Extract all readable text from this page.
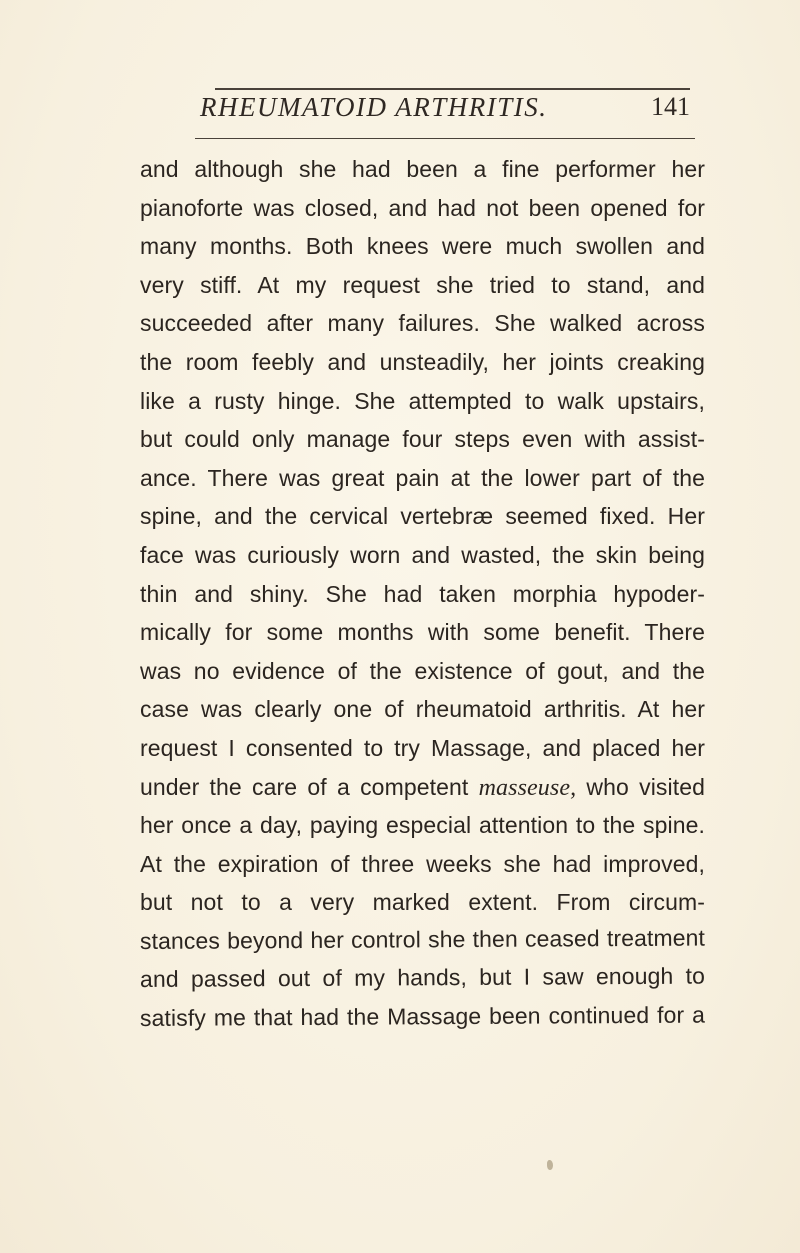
RHEUMATOID ARTHRITIS.	141
and although she had been a fine performer her
pianoforte was closed, and had not been opened for
many months. Both knees were much swollen and
very stiff. At my request she tried to stand, and
succeeded after many failures. She walked across
the room feebly and unsteadily, her joints creaking
like a rusty hinge. She attempted to walk upstairs,
but could only manage four steps even with assist-
ance. There was great pain at the lower part of the
spine, and the cervical vertebræ seemed fixed. Her
face was curiously worn and wasted, the skin being
thin and shiny. She had taken morphia hypoder-
mically for some months with some benefit. There
was no evidence of the existence of gout, and the
case was clearly one of rheumatoid arthritis. At her
request I consented to try Massage, and placed her
under the care of a competent masseuse, who visited
her once a day, paying especial attention to the spine.
At the expiration of three weeks she had improved,
but not to a very marked extent. From circum-
stances beyond her control she then ceased treatment
and passed out of my hands, but I saw enough to
satisfy me that had the Massage been continued for a
